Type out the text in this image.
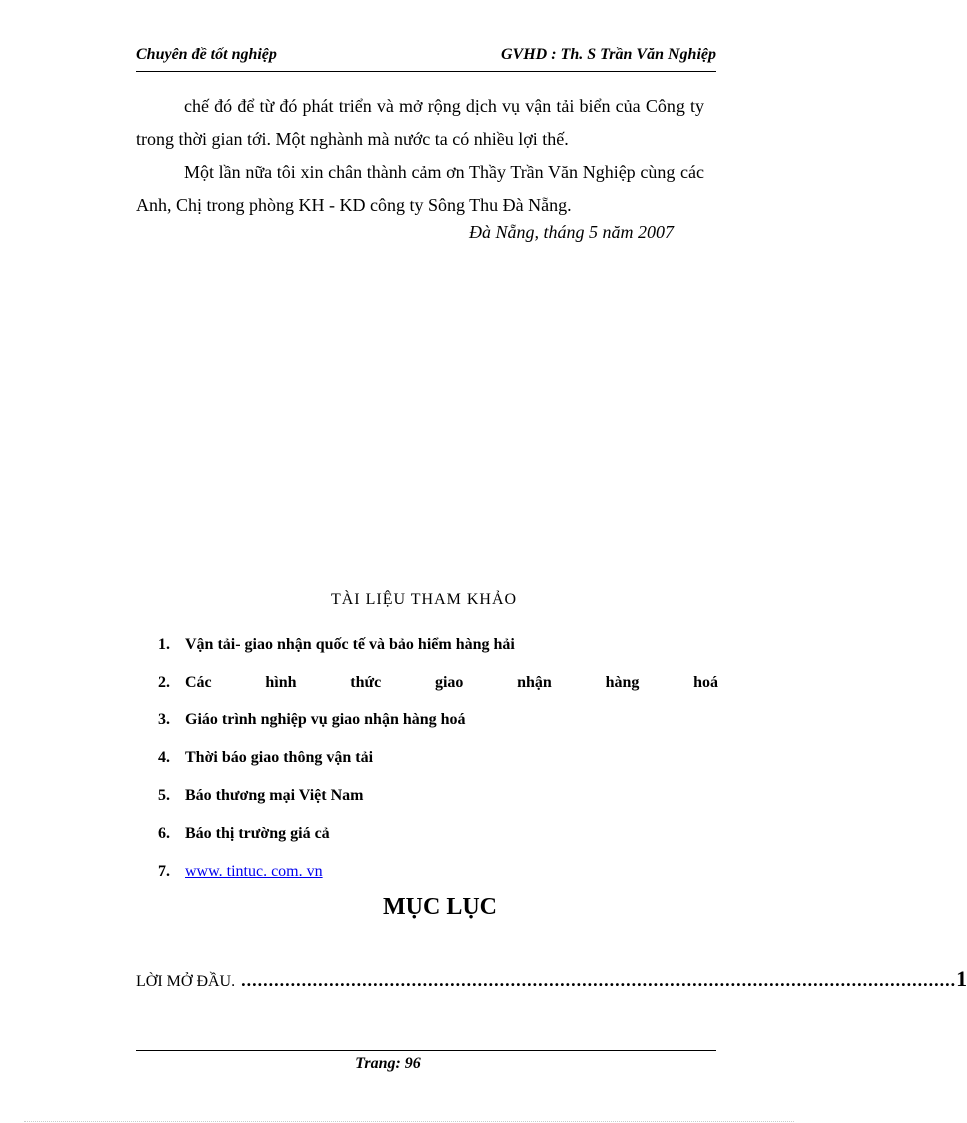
Chuyên đề tốt nghiệp	GVHD : Th. S Trần Văn Nghiệp
chế đó để từ đó phát triển và mở rộng dịch vụ vận tải biển của Công ty trong thời gian tới. Một nghành mà nước ta có nhiều lợi thế.
Một lần nữa tôi xin chân thành cảm ơn Thầy Trần Văn Nghiệp cùng các Anh, Chị trong phòng KH - KD công ty Sông Thu Đà Nẵng.
Đà Nẵng, tháng 5 năm 2007
TÀI LIỆU THAM KHẢO
1. Vận tải- giao nhận quốc tế và bảo hiểm hàng hải
2. Các	hình	thức	giao	nhận	hàng	hoá
3. Giáo trình nghiệp vụ giao nhận hàng hoá
4. Thời báo giao thông vận tải
5. Báo thương mại Việt Nam
6. Báo thị trường giá cả
7. www. tintuc. com. vn
MỤC LỤC
LỜI MỞ ĐẦU. .................................................................................................................................. 1
Trang: 96
